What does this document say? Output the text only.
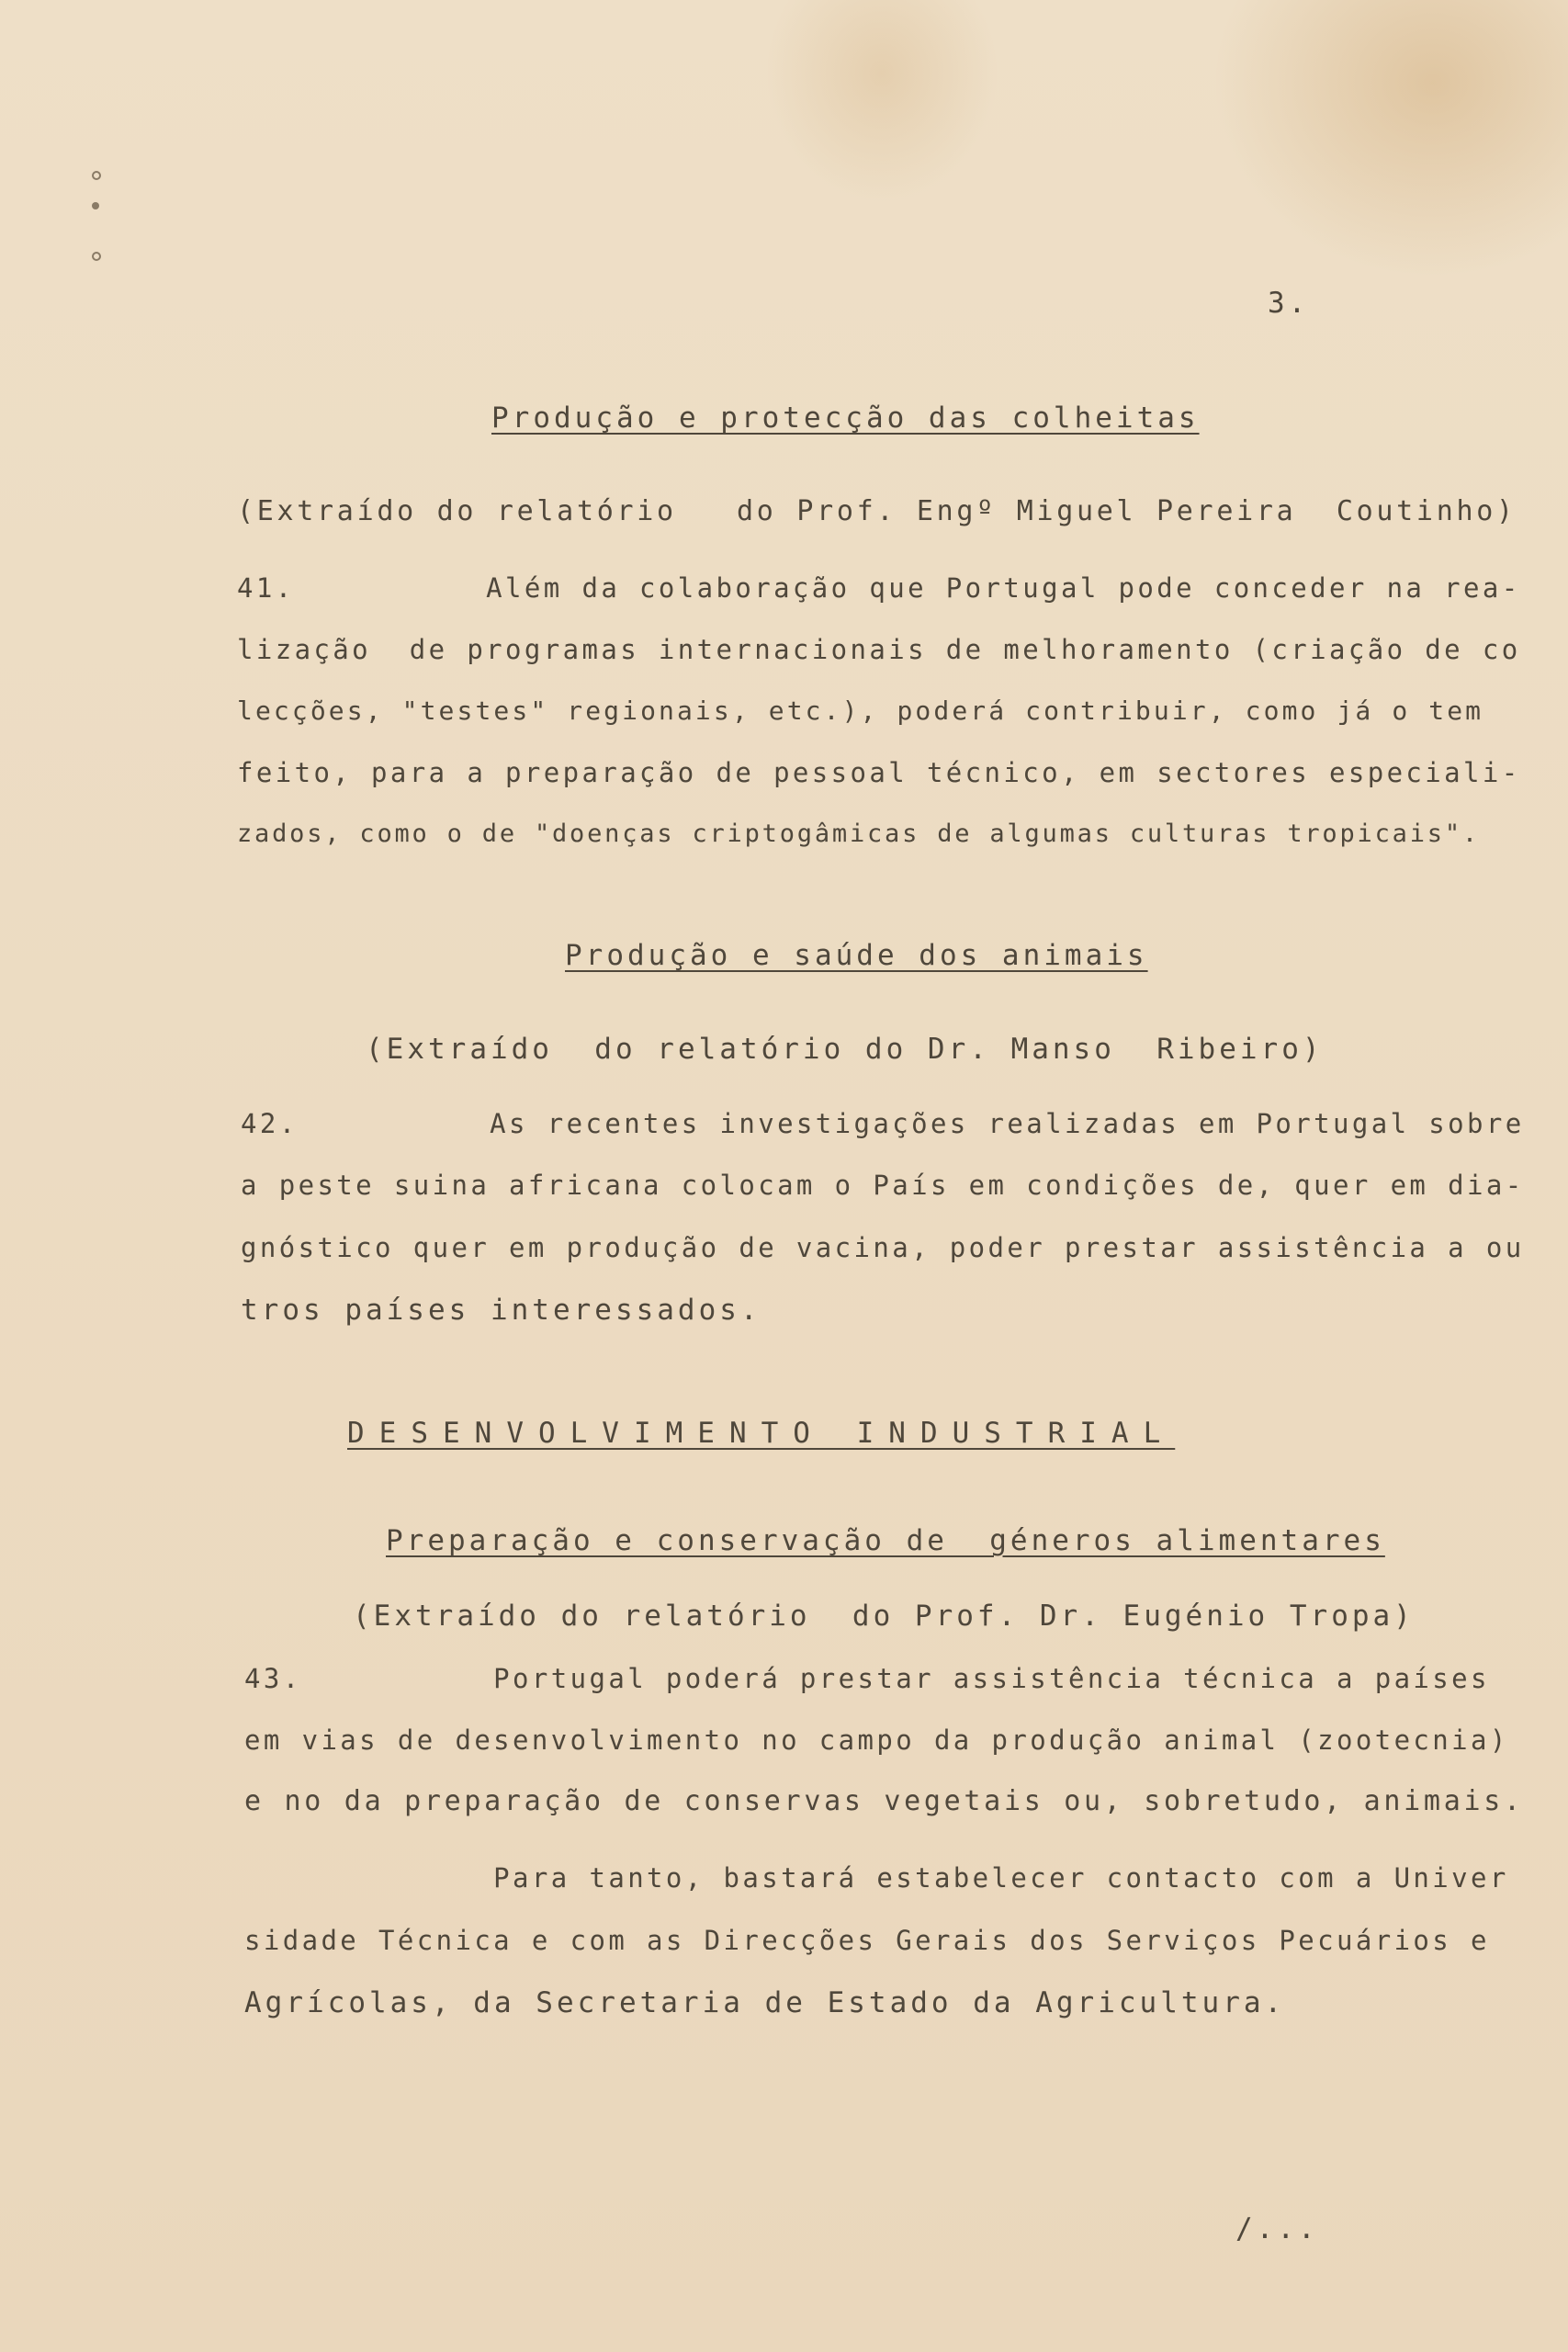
3.
Produção e protecção das colheitas
(Extraído do relatório   do Prof. Engº Miguel Pereira  Coutinho)
41.          Além da colaboração que Portugal pode conceder na rea-
lização  de programas internacionais de melhoramento (criação de co
lecções, "testes" regionais, etc.), poderá contribuir, como já o tem
feito, para a preparação de pessoal técnico, em sectores especiali-
zados, como o de "doenças criptogâmicas de algumas culturas tropicais".
Produção e saúde dos animais
(Extraído  do relatório do Dr. Manso  Ribeiro)
42.          As recentes investigações realizadas em Portugal sobre
a peste suina africana colocam o País em condições de, quer em dia-
gnóstico quer em produção de vacina, poder prestar assistência a ou
tros países interessados.
DESENVOLVIMENTO INDUSTRIAL
Preparação e conservação de  géneros alimentares
(Extraído do relatório  do Prof. Dr. Eugénio Tropa)
43.          Portugal poderá prestar assistência técnica a países
em vias de desenvolvimento no campo da produção animal (zootecnia)
e no da preparação de conservas vegetais ou, sobretudo, animais.
Para tanto, bastará estabelecer contacto com a Univer
sidade Técnica e com as Direcções Gerais dos Serviços Pecuários e
Agrícolas, da Secretaria de Estado da Agricultura.
/...
